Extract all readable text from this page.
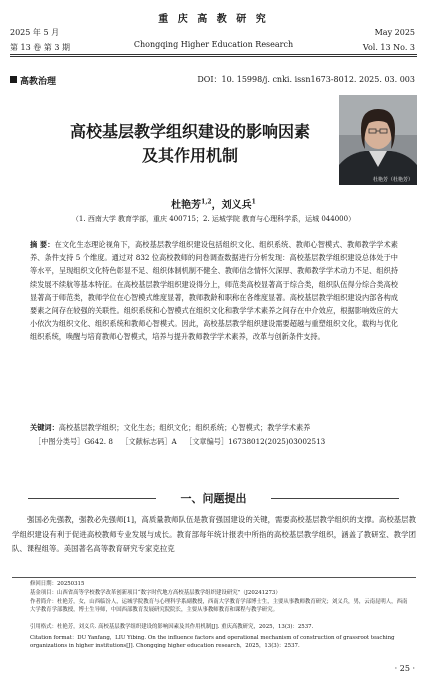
2025 年 5 月
第 13 卷 第 3 期
重 庆 高 教 研 究
Chongqing Higher Education Research
May 2025
Vol. 13 No. 3
高教治理	DOI：10. 15998/j. cnki. issn1673-8012. 2025. 03. 003
高校基层教学组织建设的影响因素
及其作用机制
杜艳芳（杜艳芳）
杜艳芳$^{1,2}$，刘义兵$^1$
（1. 西南大学 教育学部，重庆 400715；2. 运城学院 教育与心理科学系，运城 044000）
摘 要：在文化生态理论视角下，高校基层教学组织建设包括组织文化、组织系统、教师心智模式、教师教学学术素养、条件支持 5 个维度。通过对 832 位高校教师的问卷调查数据进行分析发现：高校基层教学组织建设总体处于中等水平，呈现组织文化特色彰显不足、组织体制机制不健全、教师信念情怀欠深厚、教师教学学术动力不足、组织持续发展不续航等基本特征。在高校基层教学组织建设得分上，师范类高校显著高于综合类，组织队伍得分综合类高校显著高于师范类，教师学位在心智模式维度显著，教师教龄和职称在各维度显著。高校基层教学组织建设内部各构成要素之间存在较强的关联性。组织系统和心智模式在组织文化和教学学术素养之间存在中介效应，根据影响效应的大小依次为组织文化、组织系统和教师心智模式。因此，高校基层教学组织建设需要超越与重塑组织文化，载构与优化组织系统，唤醒与培育教师心智模式，培养与提升教师教学学术素养，改革与创新条件支持。
关键词：高校基层教学组织；文化生态；组织文化；组织系统；心智模式；教学学术素养
［中图分类号］G642. 8 ［文献标志码］A ［文章编号］16738012(2025)03002513
一、问题提出
强国必先强教，强教必先强师[1]，高质量教师队伍是教育强国建设的关键，需要高校基层教学组织的支撑。高校基层教学组织建设有利于促进高校教师专业发展与成长。教育部每年统计报表中所指的高校基层教学组织，涵盖了教研室、教学团队、课程组等。美国著名高等教育研究专家克拉克
修回日期：20250315
基金项目：山西省高等学校教学改革创新项目“数字时代地方高校基层教学组织建设研究”（J20241273）
作者简介：杜艳芳，女，山西临汾人，运城学院教育与心理科学系副教授，西南大学教育学部博士生，主要从事教师教育研究；刘义兵，男，云南昆明人，西南大学教育学部教授，博士生导师，中国西部教育发展研究院院长，主要从事教师教育和课程与教学研究。
引用格式：杜艳芳，刘义兵. 高校基层教学组织建设的影响因素及其作用机制[J]. 重庆高教研究，2025，13(3)：2537.
Citation format：DU Yanfang，LIU Yibing. On the influence factors and operational mechanism of construction of grassroot teaching organizations in higher institutions[J]. Chongqing higher education research，2025，13(3)：2537.
· 25 ·
